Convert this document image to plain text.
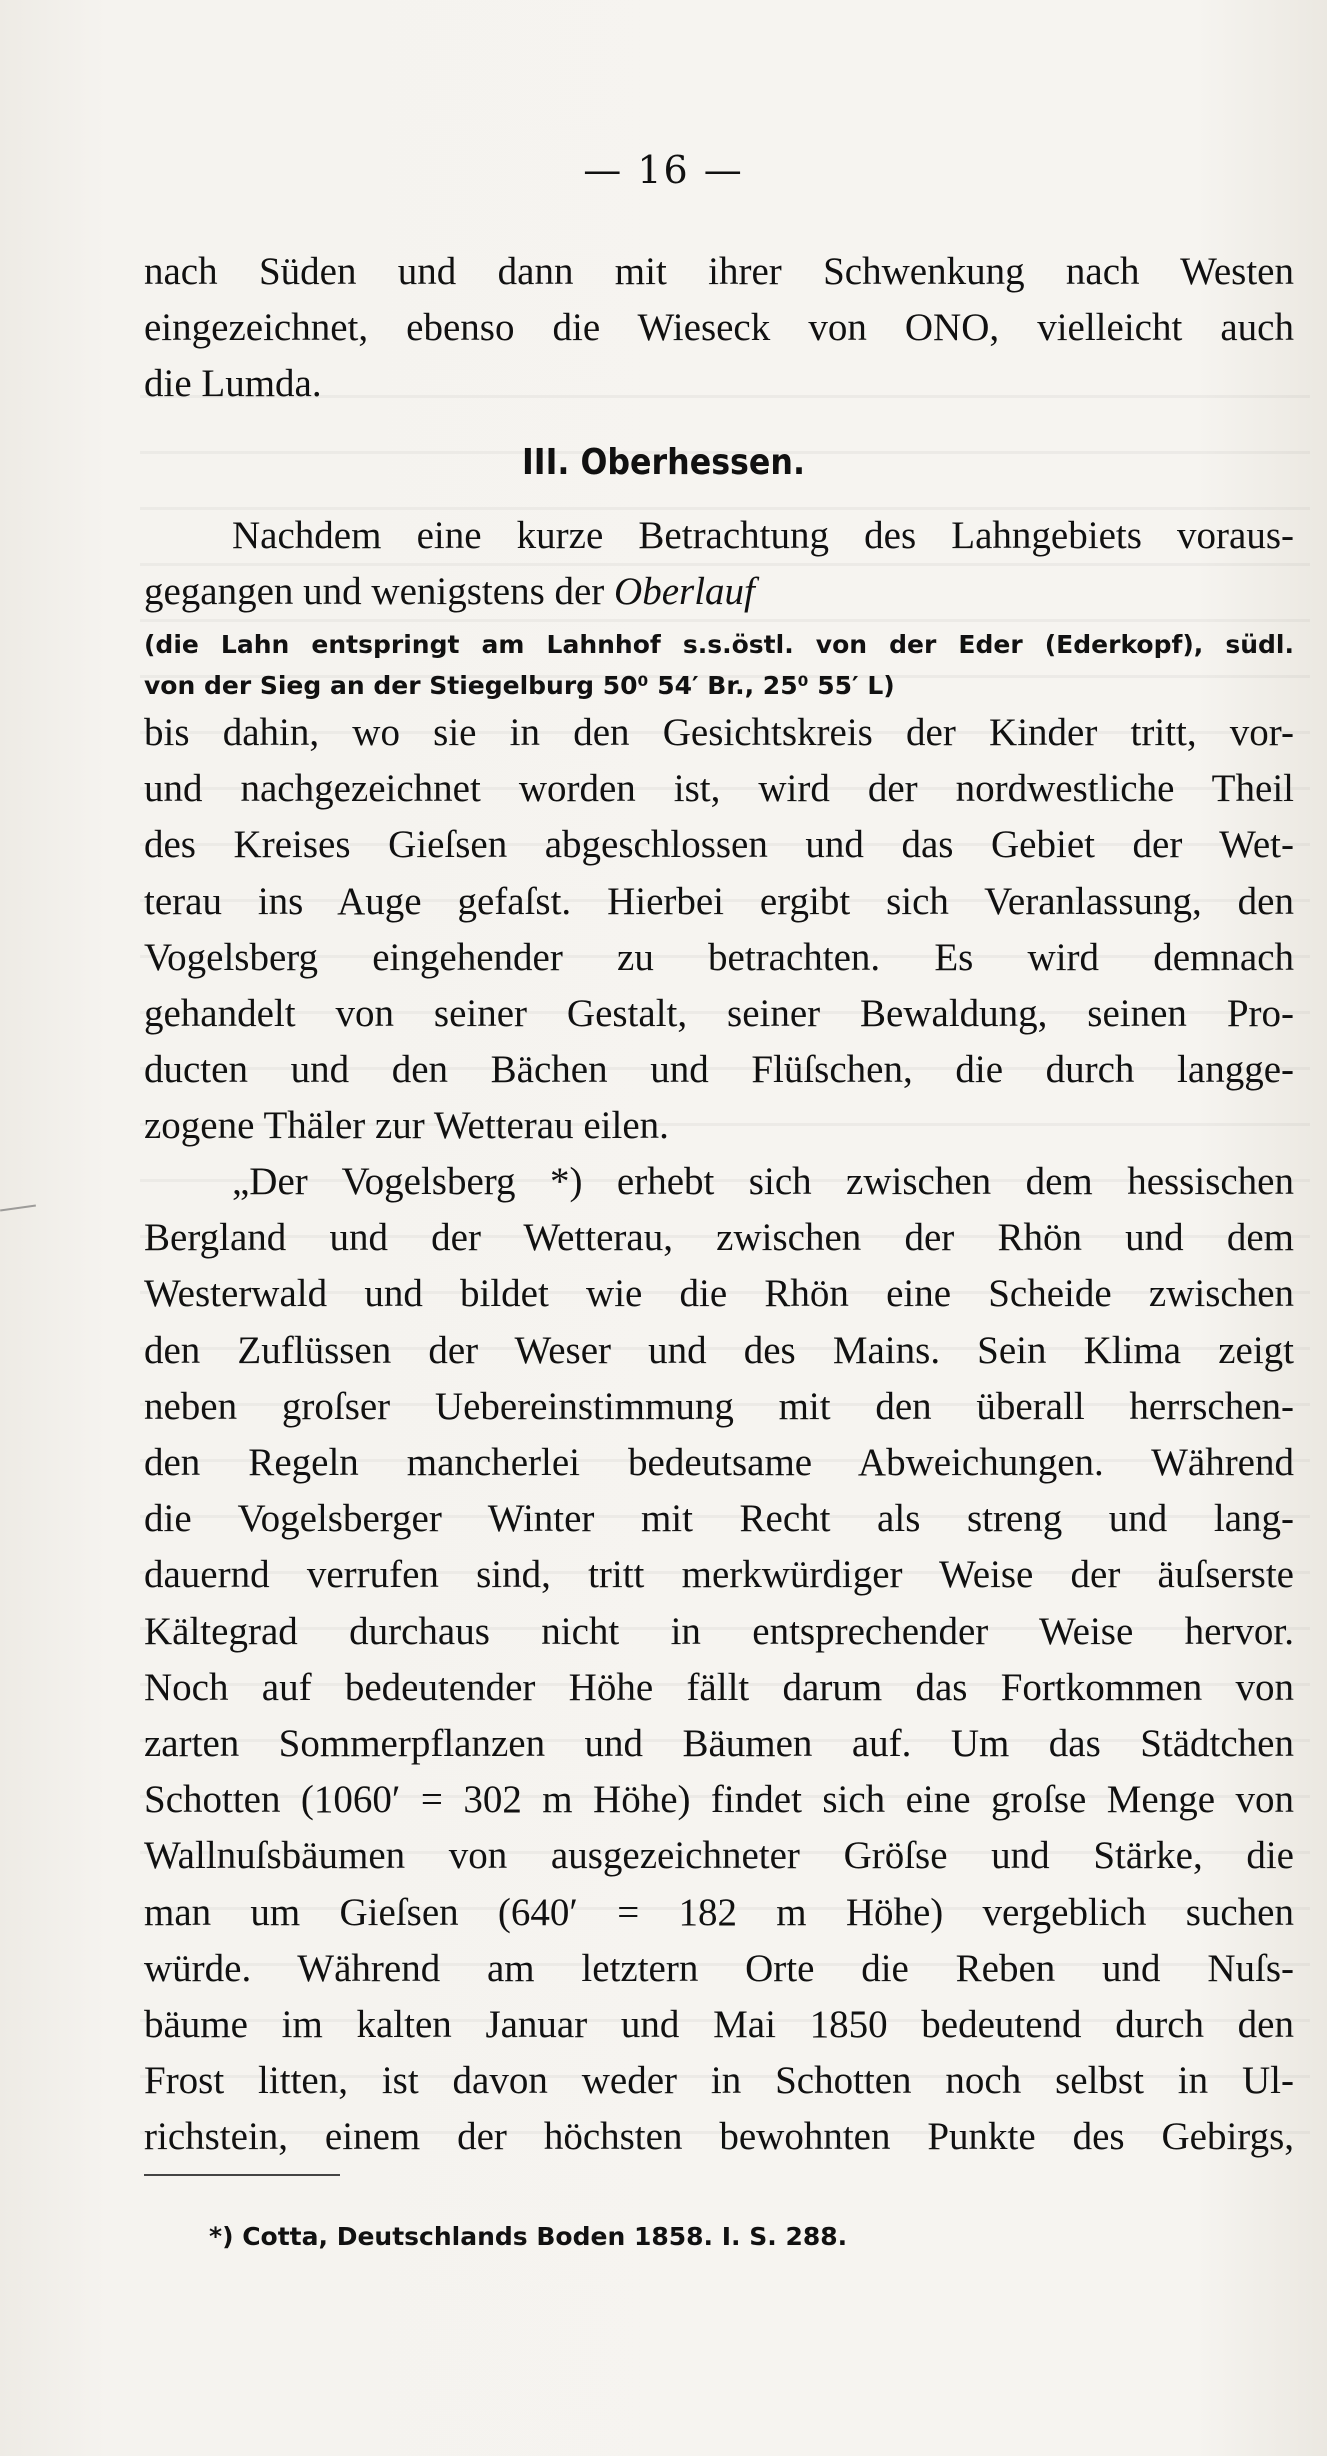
— 16 —
nach Süden und dann mit ihrer Schwenkung nach Westen
eingezeichnet, ebenso die Wieseck von ONO, vielleicht auch
die Lumda.
III. Oberhessen.
Nachdem eine kurze Betrachtung des Lahngebiets voraus-
gegangen und wenigstens der Oberlauf
(die Lahn entspringt am Lahnhof s.s.östl. von der Eder (Ederkopf), südl.
von der Sieg an der Stiegelburg 50⁰ 54′ Br., 25⁰ 55′ L)
bis dahin, wo sie in den Gesichtskreis der Kinder tritt, vor-
und nachgezeichnet worden ist, wird der nordwestliche Theil
des Kreises Gieſsen abgeschlossen und das Gebiet der Wet-
terau ins Auge gefaſst. Hierbei ergibt sich Veranlassung, den
Vogelsberg eingehender zu betrachten. Es wird demnach
gehandelt von seiner Gestalt, seiner Bewaldung, seinen Pro-
ducten und den Bächen und Flüſschen, die durch langge-
zogene Thäler zur Wetterau eilen.
„Der Vogelsberg *) erhebt sich zwischen dem hessischen
Bergland und der Wetterau, zwischen der Rhön und dem
Westerwald und bildet wie die Rhön eine Scheide zwischen
den Zuflüssen der Weser und des Mains. Sein Klima zeigt
neben groſser Uebereinstimmung mit den überall herrschen-
den Regeln mancherlei bedeutsame Abweichungen. Während
die Vogelsberger Winter mit Recht als streng und lang-
dauernd verrufen sind, tritt merkwürdiger Weise der äuſserste
Kältegrad durchaus nicht in entsprechender Weise hervor.
Noch auf bedeutender Höhe fällt darum das Fortkommen von
zarten Sommerpflanzen und Bäumen auf. Um das Städtchen
Schotten (1060′ = 302 m Höhe) findet sich eine groſse Menge von
Wallnuſsbäumen von ausgezeichneter Gröſse und Stärke, die
man um Gieſsen (640′ = 182 m Höhe) vergeblich suchen
würde. Während am letztern Orte die Reben und Nuſs-
bäume im kalten Januar und Mai 1850 bedeutend durch den
Frost litten, ist davon weder in Schotten noch selbst in Ul-
richstein, einem der höchsten bewohnten Punkte des Gebirgs,
*) Cotta, Deutschlands Boden 1858. I. S. 288.
